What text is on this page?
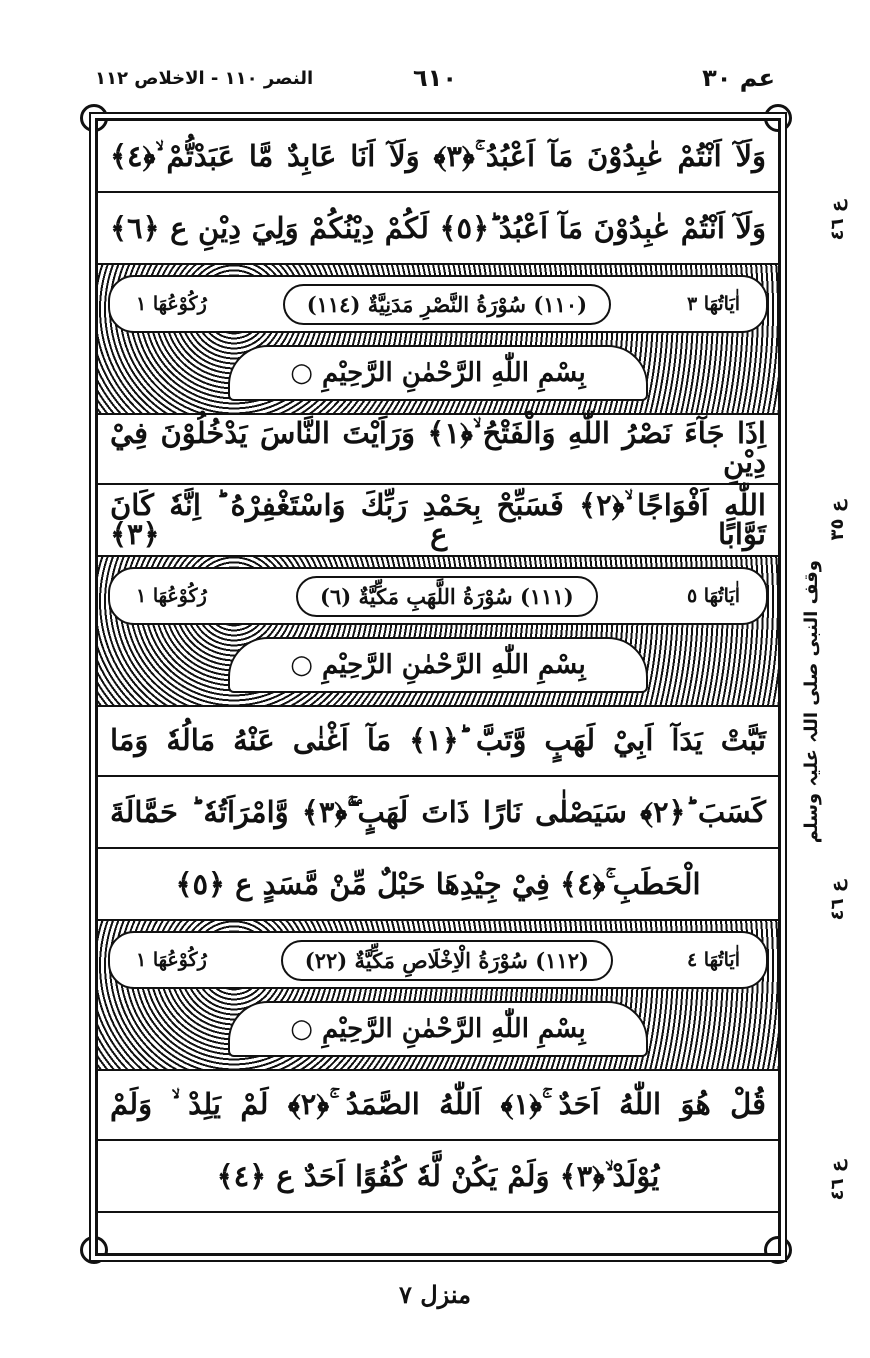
عم ٣٠
٦١٠
النصر ١١٠ - الاخلاص ١١٢
وَلَآ اَنْتُمْ عٰبِدُوْنَ مَآ اَعْبُدُ ۚ﴿٣﴾ وَلَآ اَنَا عَابِدٌ مَّا عَبَدْتُّمْ ۙ﴿٤﴾
وَلَآ اَنْتُمْ عٰبِدُوْنَ مَآ اَعْبُدُ ؕ﴿٥﴾ لَكُمْ دِيْنُكُمْ وَلِيَ دِيْنِ ع ﴿٦﴾
اٰيَاتُهَا ٣
(١١٠) سُوْرَةُ النَّصْرِ مَدَنِيَّةٌ (١١٤)
رُكُوْعُهَا ١
بِسْمِ اللّٰهِ الرَّحْمٰنِ الرَّحِيْمِ ○
اِذَا جَآءَ نَصْرُ اللّٰهِ وَالْفَتْحُ ۙ﴿١﴾ وَرَاَيْتَ النَّاسَ يَدْخُلُوْنَ فِيْ دِيْنِ
اللّٰهِ اَفْوَاجًا ۙ﴿٢﴾ فَسَبِّحْ بِحَمْدِ رَبِّكَ وَاسْتَغْفِرْهُ ؕ اِنَّهٗ كَانَ تَوَّابًا ع ﴿٣﴾
اٰيَاتُهَا ٥
(١١١) سُوْرَةُ اللَّهَبِ مَكِّيَّةٌ (٦)
رُكُوْعُهَا ١
بِسْمِ اللّٰهِ الرَّحْمٰنِ الرَّحِيْمِ ○
تَبَّتْ يَدَآ اَبِيْ لَهَبٍ وَّتَبَّ ؕ﴿١﴾ مَآ اَغْنٰى عَنْهُ مَالُهٗ وَمَا
كَسَبَ ؕ﴿٢﴾ سَيَصْلٰى نَارًا ذَاتَ لَهَبٍ ۚۖ﴿٣﴾ وَّامْرَاَتُهٗ ؕ حَمَّالَةَ
الْحَطَبِ ۚ﴿٤﴾ فِيْ جِيْدِهَا حَبْلٌ مِّنْ مَّسَدٍ ع ﴿٥﴾
اٰيَاتُهَا ٤
(١١٢) سُوْرَةُ الْاِخْلَاصِ مَكِّيَّةٌ (٢٢)
رُكُوْعُهَا ١
بِسْمِ اللّٰهِ الرَّحْمٰنِ الرَّحِيْمِ ○
قُلْ هُوَ اللّٰهُ اَحَدٌ ۚ﴿١﴾ اَللّٰهُ الصَّمَدُ ۚ﴿٢﴾ لَمْ يَلِدْ ۙ وَلَمْ
يُوْلَدْ ۙ﴿٣﴾ وَلَمْ يَكُنْ لَّهٗ كُفُوًا اَحَدٌ ع ﴿٤﴾
ع ٤٦
ع ٣٥
وقف النبی صلی اللہ علیہ وسلم
ع ٤٦
ع ٤٦
منزل ٧
